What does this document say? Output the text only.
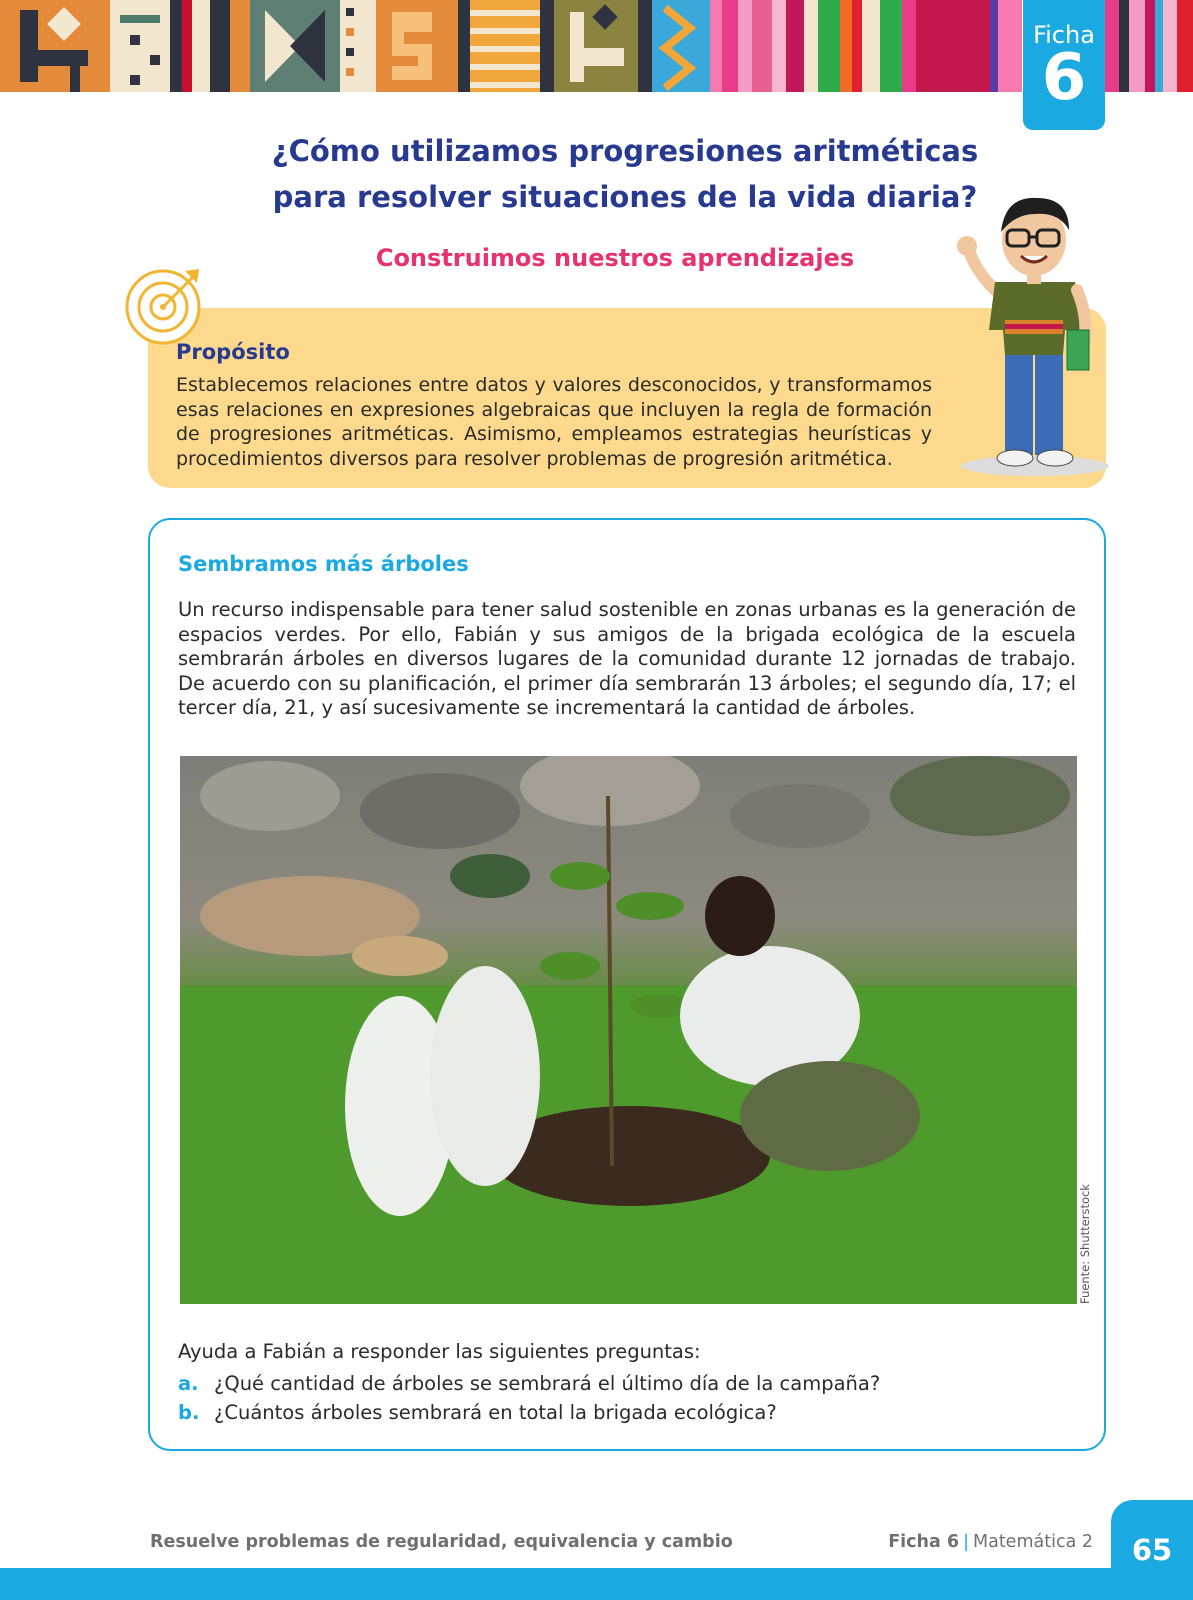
Ficha
6
¿Cómo utilizamos progresiones aritméticas
para resolver situaciones de la vida diaria?
Construimos nuestros aprendizajes
Propósito

Establecemos relaciones entre datos y valores desconocidos, y transformamos esas relaciones en expresiones algebraicas que incluyen la regla de formación de progresiones aritméticas. Asimismo, empleamos estrategias heurísticas y procedimientos diversos para resolver problemas de progresión aritmética.

Sembramos más árboles

Un recurso indispensable para tener salud sostenible en zonas urbanas es la generación de espacios verdes. Por ello, Fabián y sus amigos de la brigada ecológica de la escuela sembrarán árboles en diversos lugares de la comunidad durante 12 jornadas de trabajo. De acuerdo con su planificación, el primer día sembrarán 13 árboles; el segundo día, 17; el tercer día, 21, y así sucesivamente se incrementará la cantidad de árboles.

Fuente: Shutterstock

Ayuda a Fabián a responder las siguientes preguntas:

a. ¿Qué cantidad de árboles se sembrará el último día de la campaña?
b. ¿Cuántos árboles sembrará en total la brigada ecológica?
Resuelve problemas de regularidad, equivalencia y cambio	Ficha 6 | Matemática 2	65
